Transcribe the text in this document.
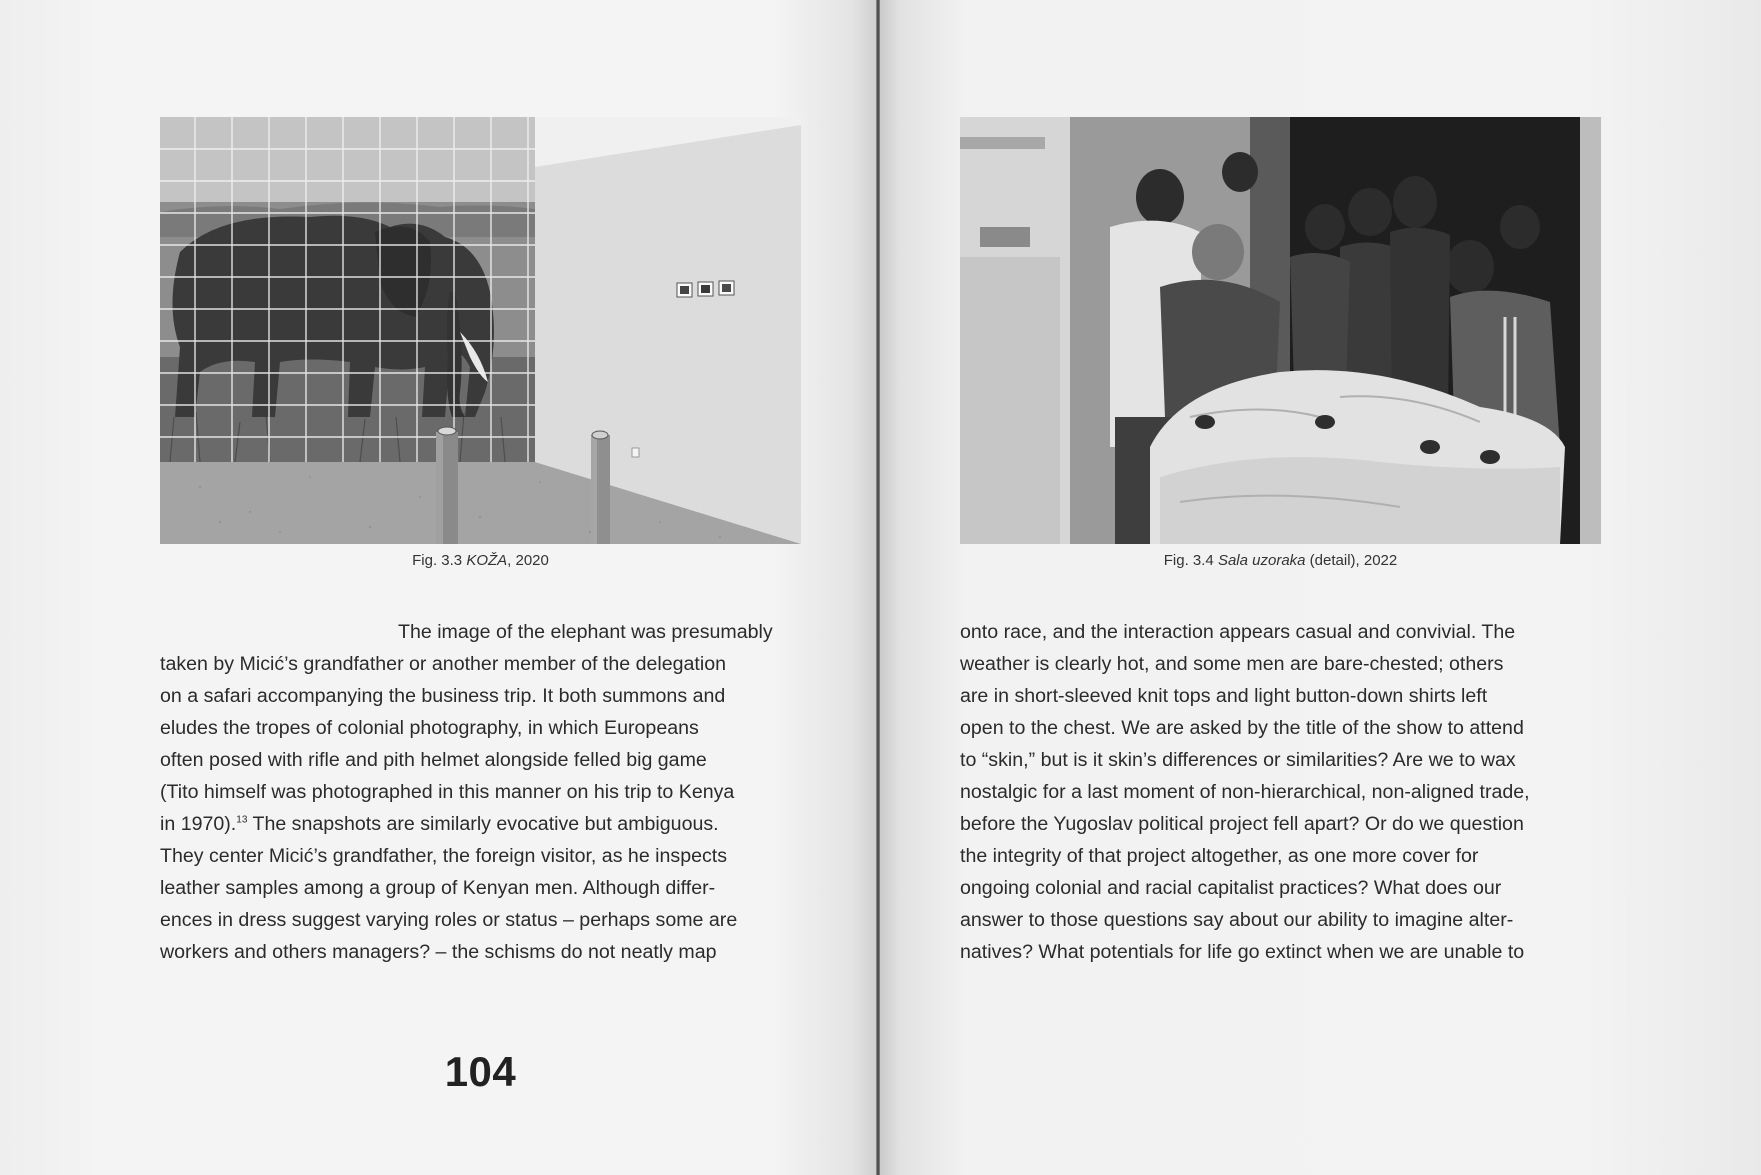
Fig. 3.3 KOŽA, 2020
The image of the elephant was presumably
taken by Micić’s grandfather or another member of the delegation
on a safari accompanying the business trip. It both summons and
eludes the tropes of colonial photography, in which Europeans
often posed with rifle and pith helmet alongside felled big game
(Tito himself was photographed in this manner on his trip to Kenya
in 1970).$^{13}$ The snapshots are similarly evocative but ambiguous.
They center Micić’s grandfather, the foreign visitor, as he inspects
leather samples among a group of Kenyan men. Although differ-
ences in dress suggest varying roles or status – perhaps some are
workers and others managers? – the schisms do not neatly map
104
Fig. 3.4 Sala uzoraka (detail), 2022
onto race, and the interaction appears casual and convivial. The
weather is clearly hot, and some men are bare-chested; others
are in short-sleeved knit tops and light button-down shirts left
open to the chest. We are asked by the title of the show to attend
to “skin,” but is it skin’s differences or similarities? Are we to wax
nostalgic for a last moment of non-hierarchical, non-aligned trade,
before the Yugoslav political project fell apart? Or do we question
the integrity of that project altogether, as one more cover for
ongoing colonial and racial capitalist practices? What does our
answer to those questions say about our ability to imagine alter-
natives? What potentials for life go extinct when we are unable to
